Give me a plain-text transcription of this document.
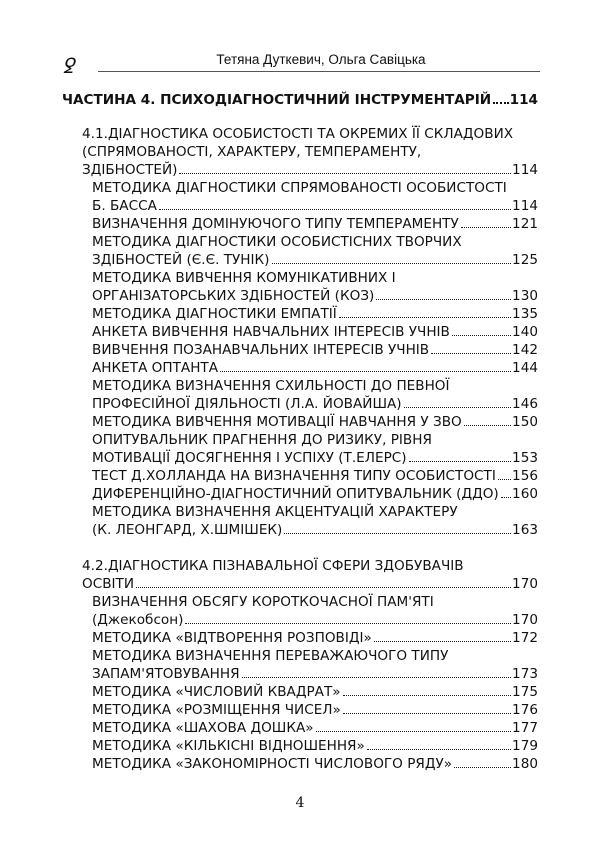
ꝿ	Тетяна Дуткевич, Ольга Савіцька
ЧАСТИНА 4. ПСИХОДІАГНОСТИЧНИЙ ІНСТРУМЕНТАРІЙ 114
4.1.ДІАГНОСТИКА ОСОБИСТОСТІ ТА ОКРЕМИХ ЇЇ СКЛАДОВИХ
(СПРЯМОВАНОСТІ, ХАРАКТЕРУ, ТЕМПЕРАМЕНТУ,
ЗДІБНОСТЕЙ)	114
МЕТОДИКА ДІАГНОСТИКИ СПРЯМОВАНОСТІ ОСОБИСТОСТІ
Б. БАССА	114
ВИЗНАЧЕННЯ ДОМІНУЮЧОГО ТИПУ ТЕМПЕРАМЕНТУ	121
МЕТОДИКА ДІАГНОСТИКИ ОСОБИСТІСНИХ ТВОРЧИХ
ЗДІБНОСТЕЙ (Є.Є. ТУНІК)	125
МЕТОДИКА ВИВЧЕННЯ КОМУНІКАТИВНИХ І
ОРГАНІЗАТОРСЬКИХ ЗДІБНОСТЕЙ (КОЗ)	130
МЕТОДИКА ДІАГНОСТИКИ ЕМПАТІЇ	135
АНКЕТА ВИВЧЕННЯ НАВЧАЛЬНИХ ІНТЕРЕСІВ УЧНІВ	140
ВИВЧЕННЯ ПОЗАНАВЧАЛЬНИХ ІНТЕРЕСІВ УЧНІВ	142
АНКЕТА ОПТАНТА	144
МЕТОДИКА ВИЗНАЧЕННЯ СХИЛЬНОСТІ ДО ПЕВНОЇ
ПРОФЕСІЙНОЇ ДІЯЛЬНОСТІ (Л.А. ЙОВАЙША)	146
МЕТОДИКА ВИВЧЕННЯ МОТИВАЦІЇ НАВЧАННЯ У ЗВО	150
ОПИТУВАЛЬНИК ПРАГНЕННЯ ДО РИЗИКУ, РІВНЯ
МОТИВАЦІЇ ДОСЯГНЕННЯ І УСПІХУ (Т.ЕЛЕРС)	153
ТЕСТ Д.ХОЛЛАНДА НА ВИЗНАЧЕННЯ ТИПУ ОСОБИСТОСТІ 156
ДИФЕРЕНЦІЙНО-ДІАГНОСТИЧНИЙ ОПИТУВАЛЬНИК (ДДО) 160
МЕТОДИКА ВИЗНАЧЕННЯ АКЦЕНТУАЦІЙ ХАРАКТЕРУ
(К. ЛЕОНГАРД, Х.ШМІШЕК)	163
4.2.ДІАГНОСТИКА ПІЗНАВАЛЬНОЇ СФЕРИ ЗДОБУВАЧІВ
ОСВІТИ	170
ВИЗНАЧЕННЯ ОБСЯГУ КОРОТКОЧАСНОЇ ПАМ'ЯТІ
(Джекобсон)	170
МЕТОДИКА «ВІДТВОРЕННЯ РОЗПОВІДІ»	172
МЕТОДИКА ВИЗНАЧЕННЯ ПЕРЕВАЖАЮЧОГО ТИПУ
ЗАПАМ'ЯТОВУВАННЯ	173
МЕТОДИКА «ЧИСЛОВИЙ КВАДРАТ»	175
МЕТОДИКА «РОЗМІЩЕННЯ ЧИСЕЛ»	176
МЕТОДИКА «ШАХОВА ДОШКА»	177
МЕТОДИКА «КІЛЬКІСНІ ВІДНОШЕННЯ»	179
МЕТОДИКА «ЗАКОНОМІРНОСТІ ЧИСЛОВОГО РЯДУ»	180
4
